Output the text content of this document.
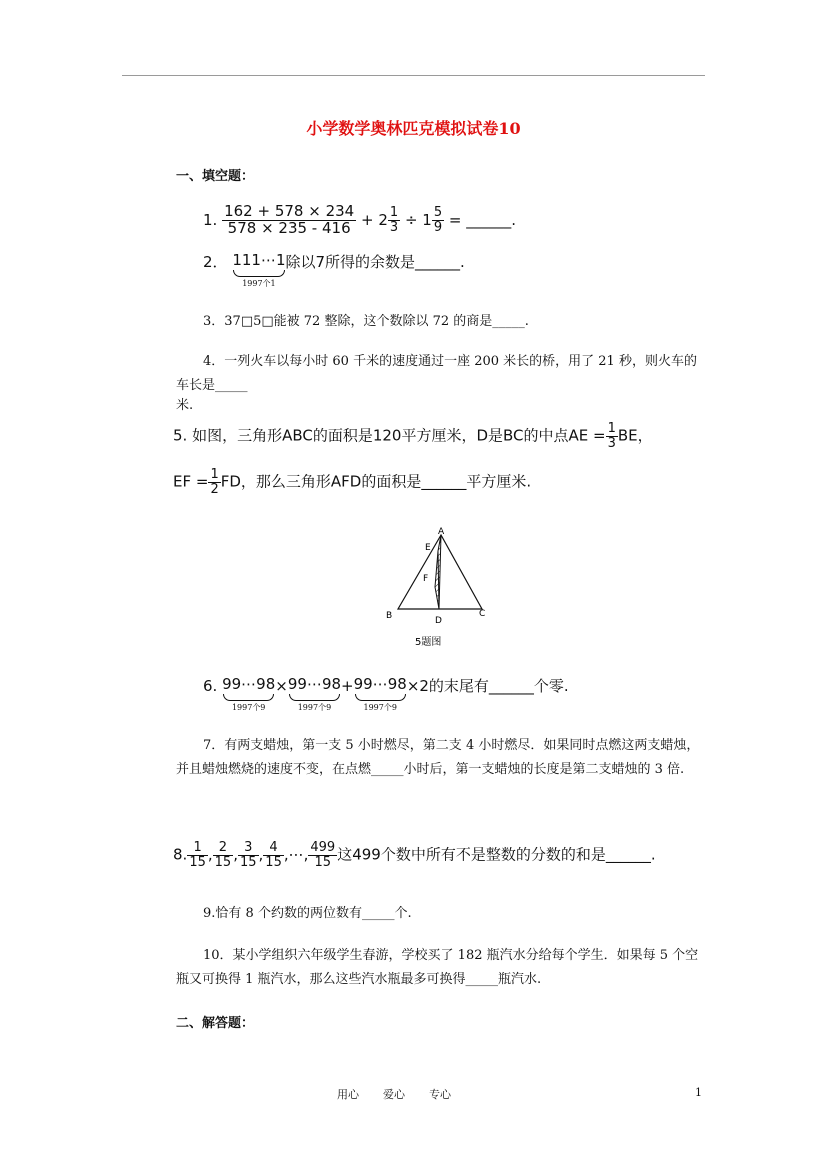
小学数学奥林匹克模拟试卷10
一、填空题：
1. $\frac{162 + 578 \times 234}{578 \times 235 - 416} + 2 \frac{1}{3} \div 1 \frac{5}{9}$ = ______.
2． 111⋯1
1997个1
除以7所得的余数是______.
3．37□5□能被 72 整除，这个数除以 72 的商是_____.
4．一列火车以每小时 60 千米的速度通过一座 200 米长的桥，用了 21 秒，则火车的车长是_____
米.
5. 如图，三角形ABC的面积是120平方厘米，D是BC的中点AE = $\frac{1}{3}$ BE，
EF = $\frac{1}{2}$ FD，那么三角形AFD的面积是______平方厘米.
A
E
F
B	C
D
5题图
6. 99⋯98
1997个9
×99⋯98
1997个9
+99⋯98
1997个9
×2的末尾有______个零.
7．有两支蜡烛，第一支 5 小时燃尽，第二支 4 小时燃尽．如果同时点燃这两支蜡烛，并且蜡烛燃烧的速度不变，在点燃_____小时后，第一支蜡烛的长度是第二支蜡烛的 3 倍.
8. $\frac{1}{15}$ , $\frac{2}{15}$ , $\frac{3}{15}$ , $\frac{4}{15}$ ,⋯, $\frac{499}{15}$ 这499个数中所有不是整数的分数的和是______.
9.恰有 8 个约数的两位数有_____个.
10．某小学组织六年级学生春游，学校买了 182 瓶汽水分给每个学生．如果每 5 个空瓶又可换得 1 瓶汽水，那么这些汽水瓶最多可换得_____瓶汽水.
二、解答题：
用心 爱心 专心	1
